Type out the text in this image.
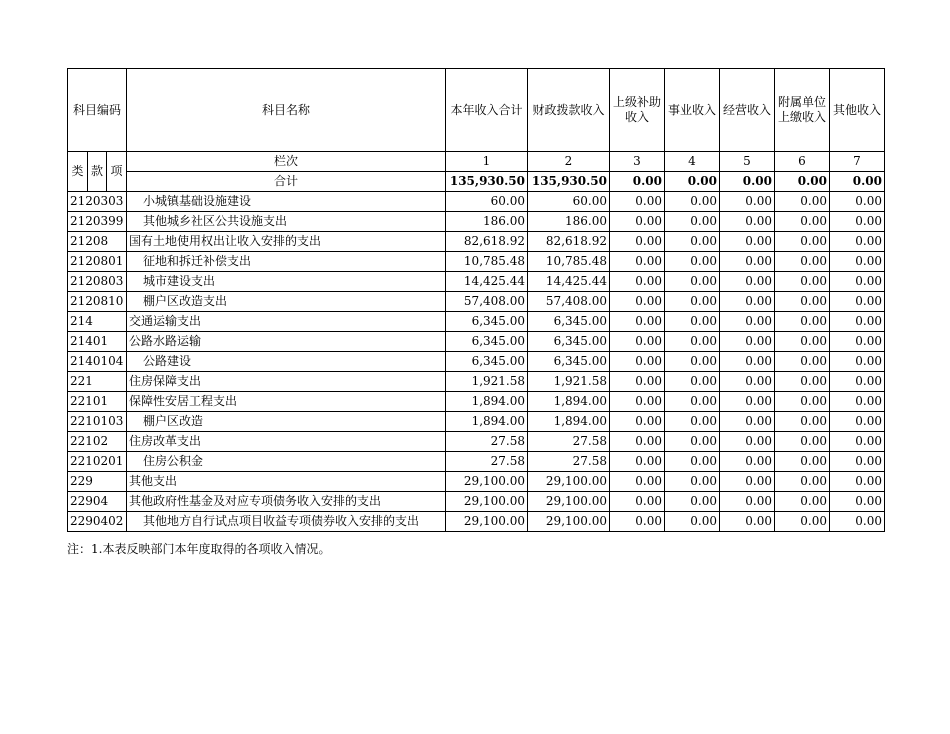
科目编码			科目名称	本年收入合计	财政拨款收入	上级补助收入	事业收入	经营收入	附属单位上缴收入	其他收入
类	款	项	栏次	1	2	3	4	5	6	7
			合计	135,930.50	135,930.50	0.00	0.00	0.00	0.00	0.00
2120303			小城镇基础设施建设	60.00	60.00	0.00	0.00	0.00	0.00	0.00
2120399			其他城乡社区公共设施支出	186.00	186.00	0.00	0.00	0.00	0.00	0.00
21208			国有土地使用权出让收入安排的支出	82,618.92	82,618.92	0.00	0.00	0.00	0.00	0.00
2120801			征地和拆迁补偿支出	10,785.48	10,785.48	0.00	0.00	0.00	0.00	0.00
2120803			城市建设支出	14,425.44	14,425.44	0.00	0.00	0.00	0.00	0.00
2120810			棚户区改造支出	57,408.00	57,408.00	0.00	0.00	0.00	0.00	0.00
214			交通运输支出	6,345.00	6,345.00	0.00	0.00	0.00	0.00	0.00
21401			公路水路运输	6,345.00	6,345.00	0.00	0.00	0.00	0.00	0.00
2140104			公路建设	6,345.00	6,345.00	0.00	0.00	0.00	0.00	0.00
221			住房保障支出	1,921.58	1,921.58	0.00	0.00	0.00	0.00	0.00
22101			保障性安居工程支出	1,894.00	1,894.00	0.00	0.00	0.00	0.00	0.00
2210103			棚户区改造	1,894.00	1,894.00	0.00	0.00	0.00	0.00	0.00
22102			住房改革支出	27.58	27.58	0.00	0.00	0.00	0.00	0.00
2210201			住房公积金	27.58	27.58	0.00	0.00	0.00	0.00	0.00
229			其他支出	29,100.00	29,100.00	0.00	0.00	0.00	0.00	0.00
22904			其他政府性基金及对应专项债务收入安排的支出	29,100.00	29,100.00	0.00	0.00	0.00	0.00	0.00
2290402			其他地方自行试点项目收益专项债券收入安排的支出	29,100.00	29,100.00	0.00	0.00	0.00	0.00	0.00
注：1.本表反映部门本年度取得的各项收入情况。
